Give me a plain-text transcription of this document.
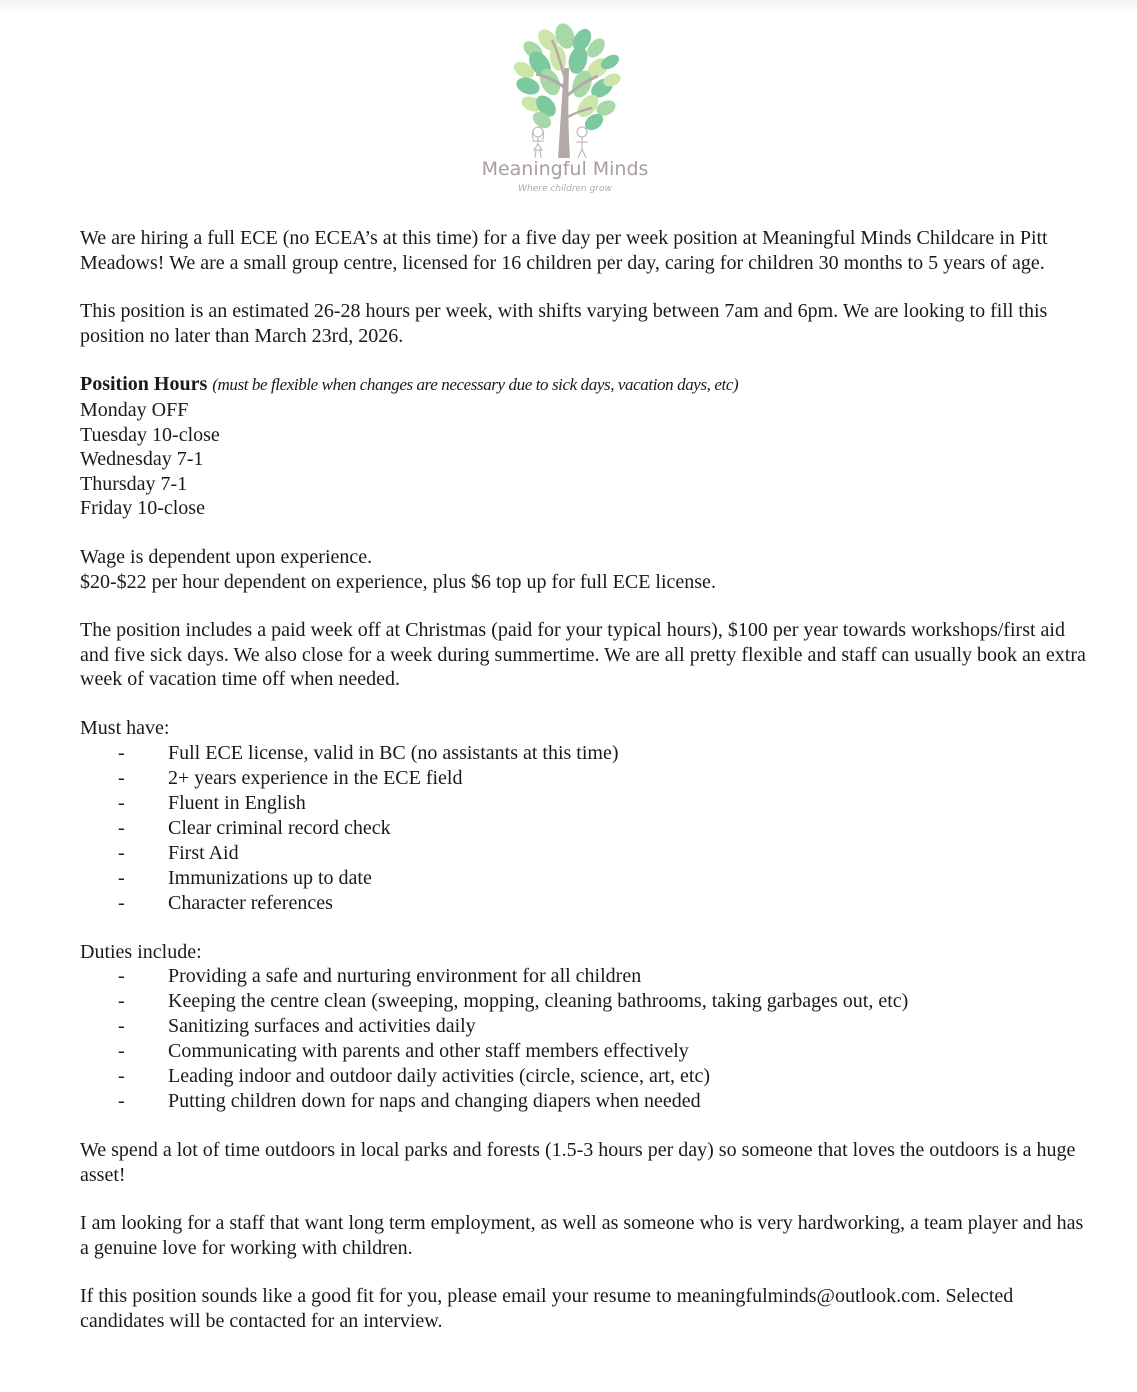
Meaningful Minds
Where children grow

We are hiring a full ECE (no ECEA’s at this time) for a five day per week position at Meaningful Minds Childcare in Pitt Meadows! We are a small group centre, licensed for 16 children per day, caring for children 30 months to 5 years of age.

This position is an estimated 26-28 hours per week, with shifts varying between 7am and 6pm. We are looking to fill this position no later than March 23rd, 2026.

Position Hours (must be flexible when changes are necessary due to sick days, vacation days, etc)

Monday OFF

Tuesday 10-close

Wednesday 7-1

Thursday 7-1

Friday 10-close

Wage is dependent upon experience.

$20-$22 per hour dependent on experience, plus $6 top up for full ECE license.

The position includes a paid week off at Christmas (paid for your typical hours), $100 per year towards workshops/first aid and five sick days. We also close for a week during summertime. We are all pretty flexible and staff can usually book an extra week of vacation time off when needed.

Must have:

- Full ECE license, valid in BC (no assistants at this time)
- 2+ years experience in the ECE field
- Fluent in English
- Clear criminal record check
- First Aid
- Immunizations up to date
- Character references

Duties include:

- Providing a safe and nurturing environment for all children
- Keeping the centre clean (sweeping, mopping, cleaning bathrooms, taking garbages out, etc)
- Sanitizing surfaces and activities daily
- Communicating with parents and other staff members effectively
- Leading indoor and outdoor daily activities (circle, science, art, etc)
- Putting children down for naps and changing diapers when needed

We spend a lot of time outdoors in local parks and forests (1.5-3 hours per day) so someone that loves the outdoors is a huge asset!

I am looking for a staff that want long term employment, as well as someone who is very hardworking, a team player and has a genuine love for working with children.

If this position sounds like a good fit for you, please email your resume to meaningfulminds@outlook.com. Selected candidates will be contacted for an interview.
